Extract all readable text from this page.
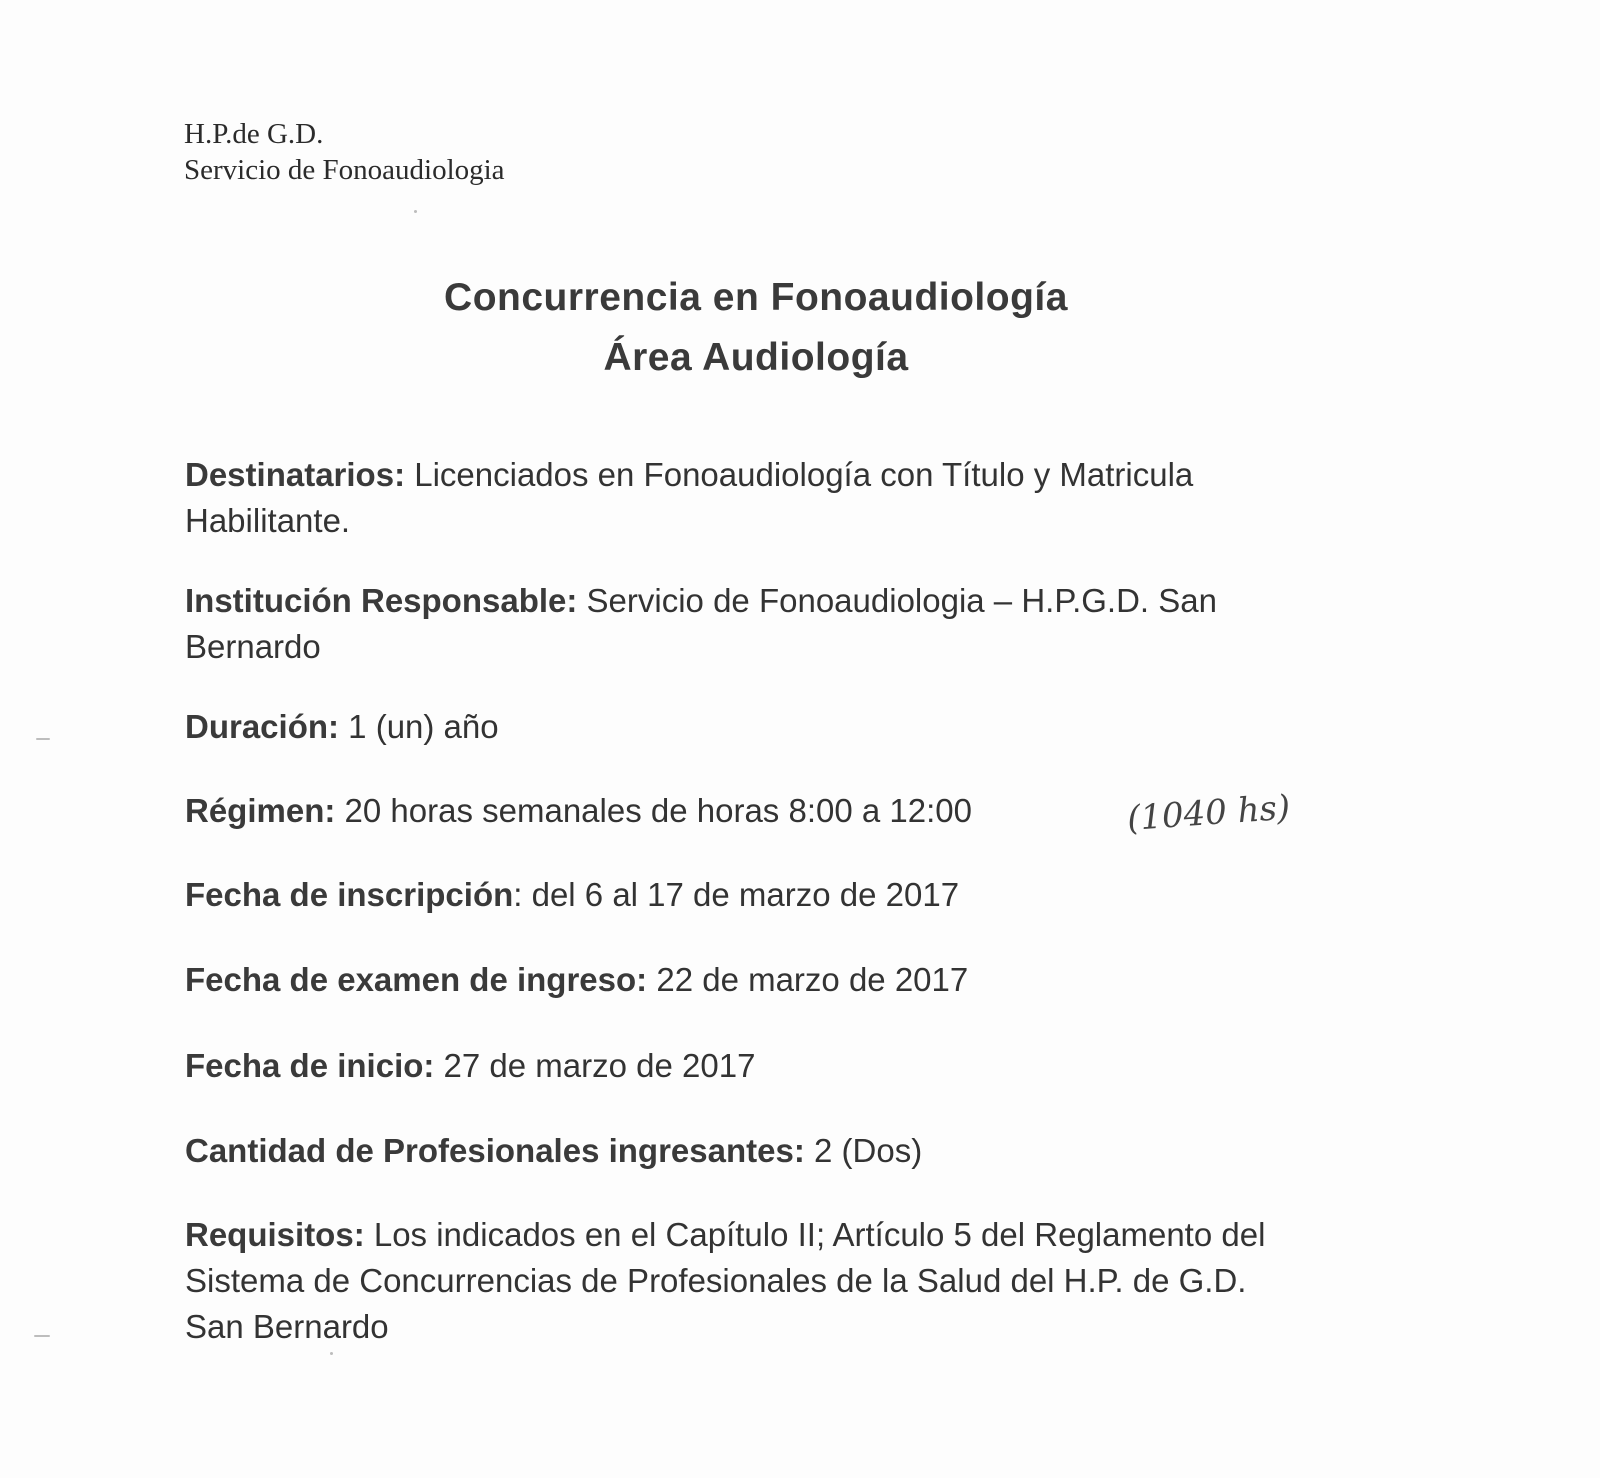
H.P.de G.D.
Servicio de Fonoaudiologia
Concurrencia en Fonoaudiología
Área Audiología
Destinatarios: Licenciados en Fonoaudiología con Título y Matricula Habilitante.
Institución Responsable: Servicio de Fonoaudiologia – H.P.G.D. San Bernardo
Duración: 1 (un) año
Régimen: 20 horas semanales de horas 8:00 a 12:00	(1040 hs)
Fecha de inscripción: del 6 al 17 de marzo de 2017
Fecha de examen de ingreso: 22 de marzo de 2017
Fecha de inicio: 27 de marzo de 2017
Cantidad de Profesionales ingresantes: 2 (Dos)
Requisitos: Los indicados en el Capítulo II; Artículo 5 del Reglamento del Sistema de Concurrencias de Profesionales de la Salud del H.P. de G.D. San Bernardo
